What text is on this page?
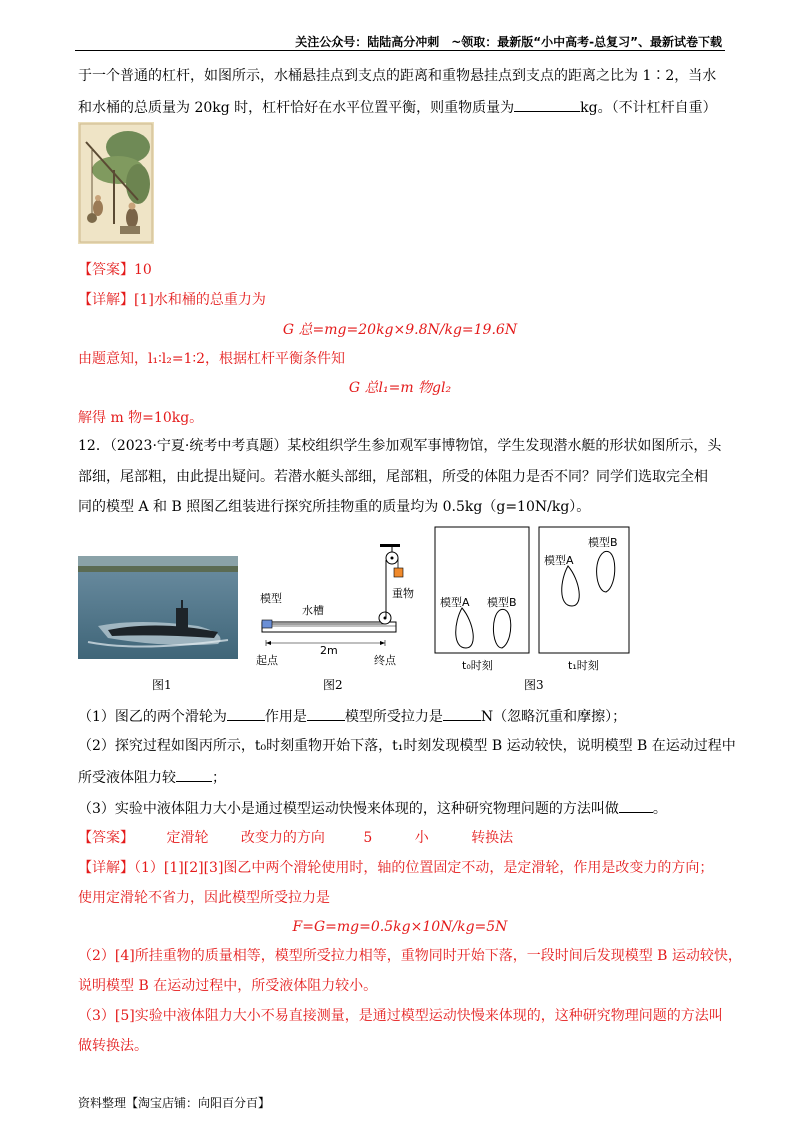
关注公众号：陆陆高分冲刺　~领取：最新版“小中高考-总复习”、最新试卷下载
于一个普通的杠杆，如图所示，水桶悬挂点到支点的距离和重物悬挂点到支点的距离之比为 1∶2，当水
和水桶的总质量为 20kg 时，杠杆恰好在水平位置平衡，则重物质量为	kg。（不计杠杆自重）
【答案】10
【详解】[1]水和桶的总重力为
G 总=mg=20kg×9.8N/kg=19.6N
由题意知，l₁∶l₂=1∶2，根据杠杆平衡条件知
G 总l₁=m 物gl₂
解得 m 物=10kg。
12．（2023·宁夏·统考中考真题）某校组织学生参加观军事博物馆，学生发现潜水艇的形状如图所示，头
部细，尾部粗，由此提出疑问。若潜水艇头部细，尾部粗，所受的体阻力是否不同？同学们选取完全相
同的模型 A 和 B 照图乙组装进行探究所挂物重的质量均为 0.5kg（g=10N/kg）。
图1
模型
水槽
重物
2m
起点	终点
图2
模型A 模型B
t₀时刻
模型A
模型B
t₁时刻
图3
（1）图乙的两个滑轮为	作用是	模型所受拉力是	N（忽略沉重和摩擦）；
（2）探究过程如图丙所示，t₀时刻重物开始下落，t₁时刻发现模型 B 运动较快，说明模型 B 在运动过程中
所受液体阻力较	；
（3）实验中液体阻力大小是通过模型运动快慢来体现的，这种研究物理问题的方法叫做 。
【答案】 定滑轮 改变力的方向	5	小	转换法
【详解】（1）[1][2][3]图乙中两个滑轮使用时，轴的位置固定不动，是定滑轮，作用是改变力的方向；
使用定滑轮不省力，因此模型所受拉力是
F=G=mg=0.5kg×10N/kg=5N
（2）[4]所挂重物的质量相等，模型所受拉力相等，重物同时开始下落，一段时间后发现模型 B 运动较快，
说明模型 B 在运动过程中，所受液体阻力较小。
（3）[5]实验中液体阻力大小不易直接测量，是通过模型运动快慢来体现的，这种研究物理问题的方法叫
做转换法。
资料整理【淘宝店铺：向阳百分百】
